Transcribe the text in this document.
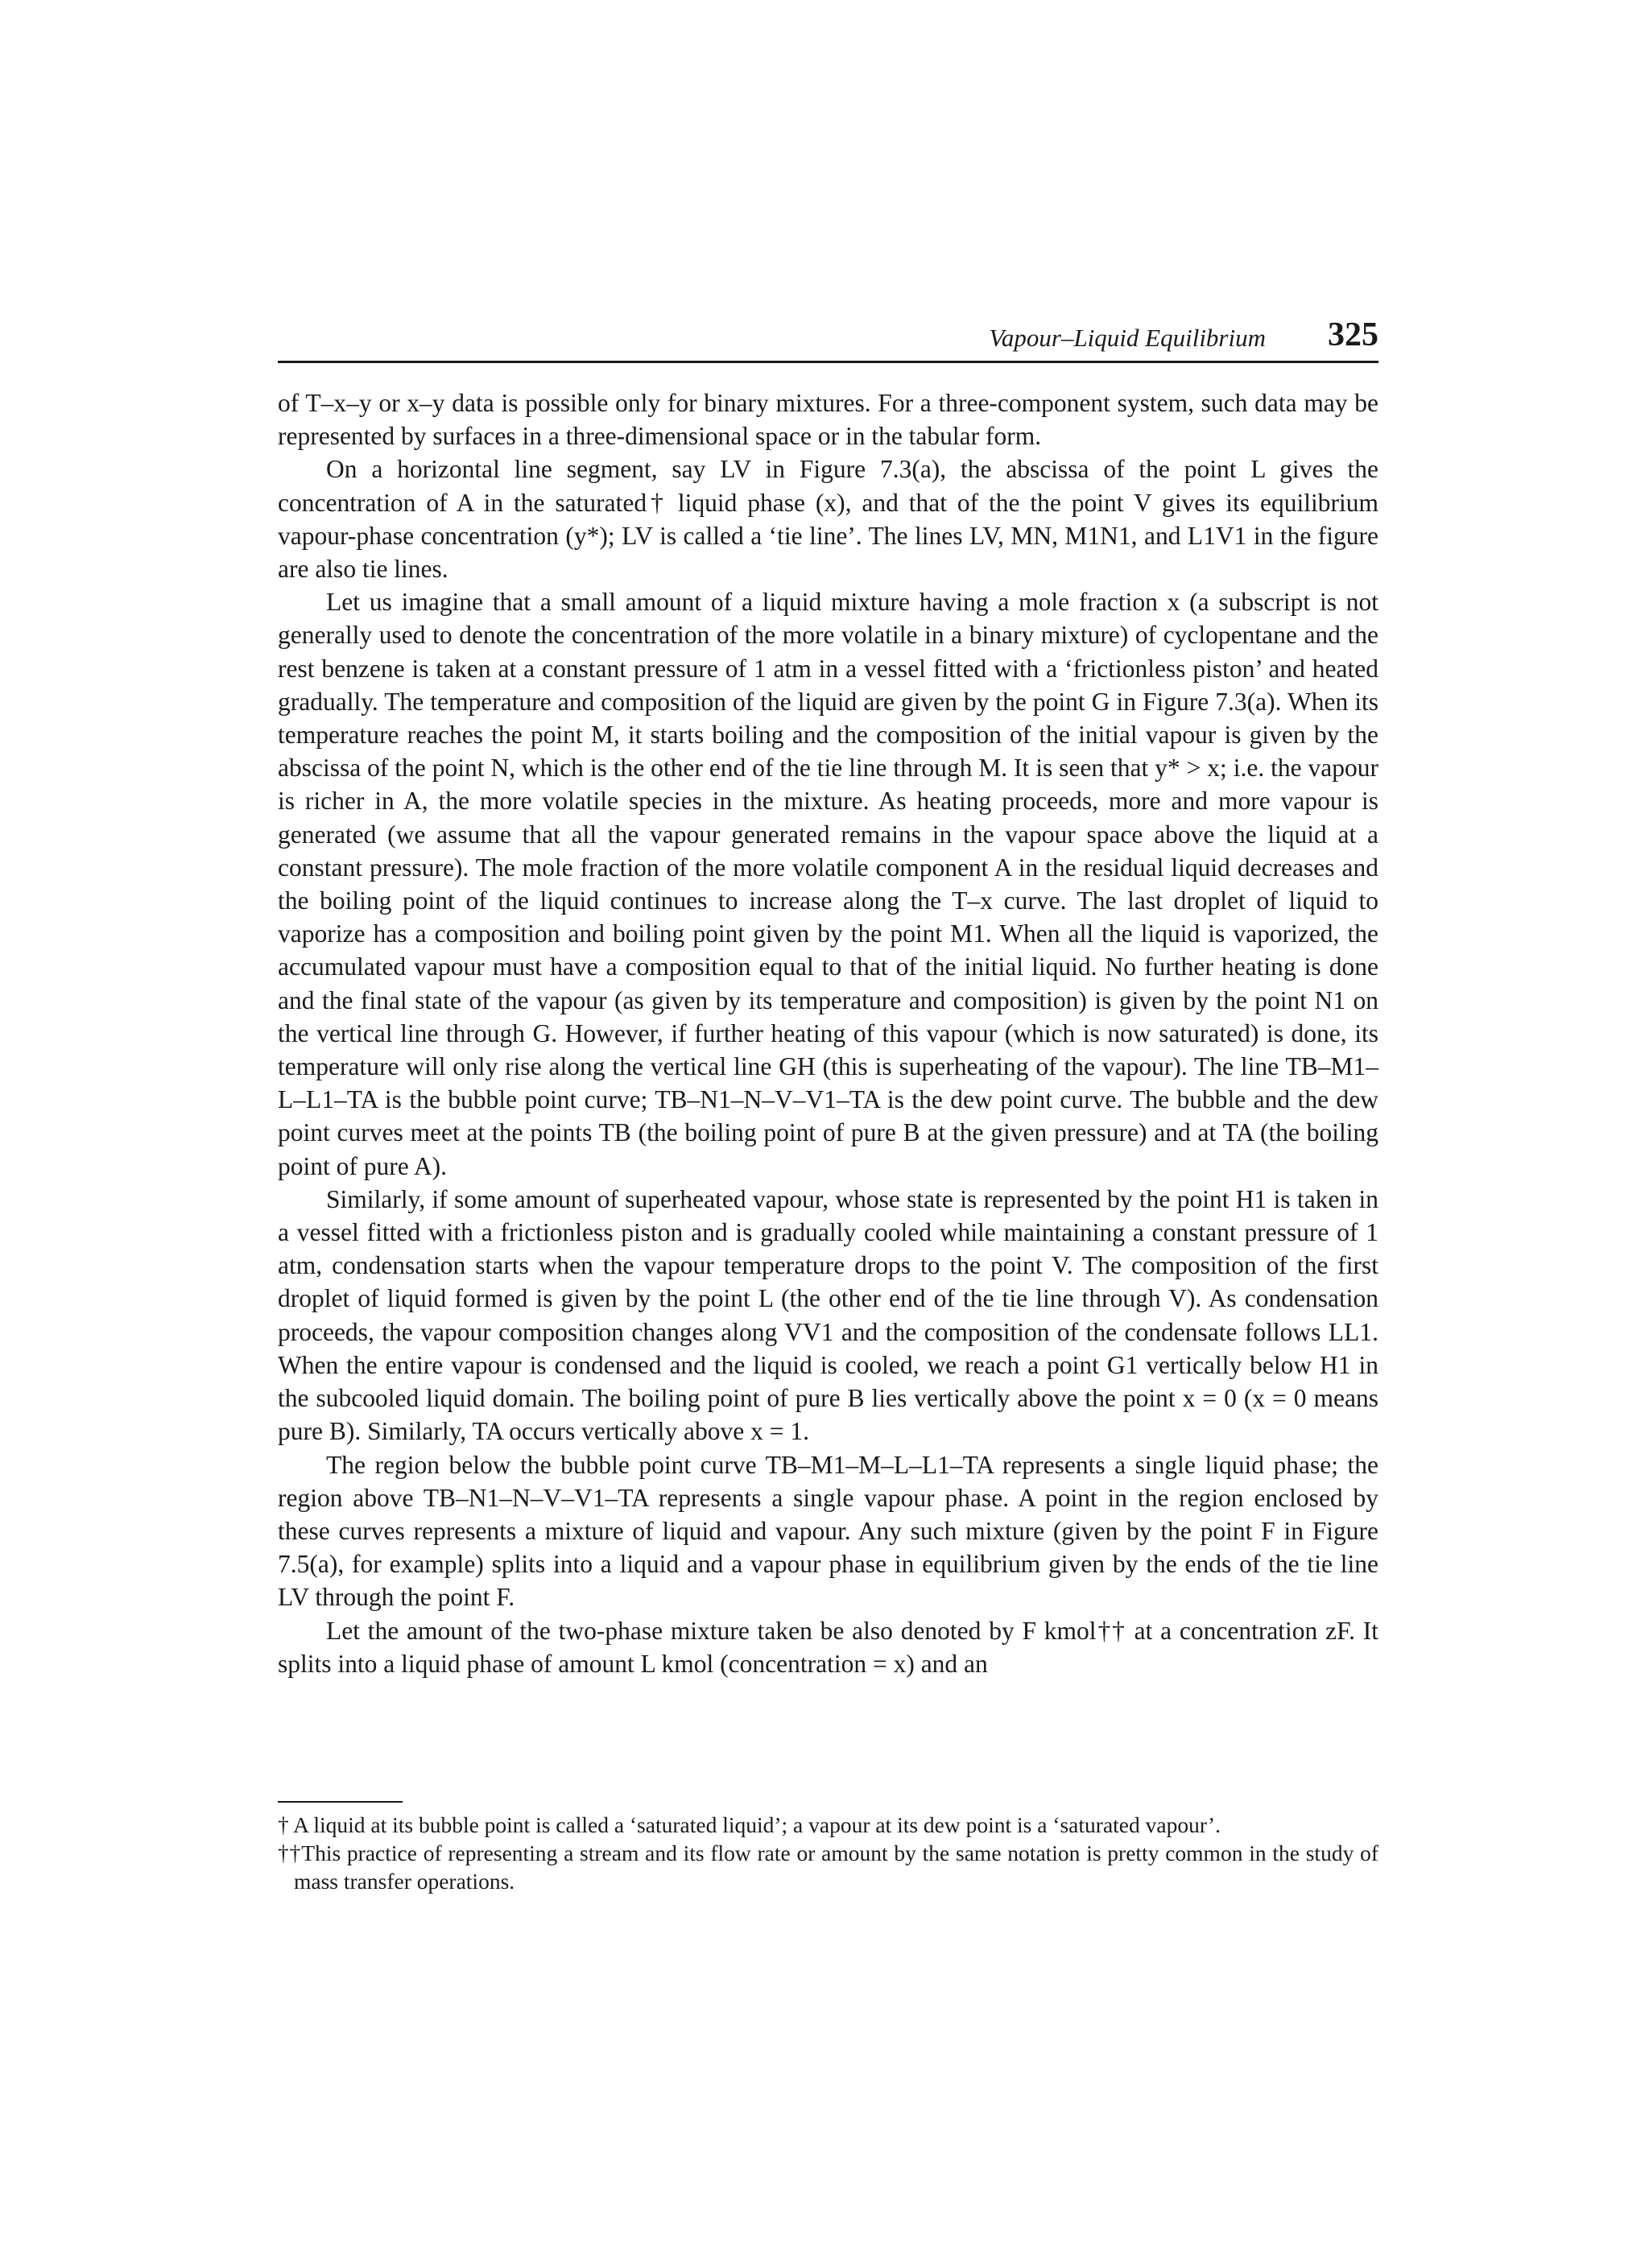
Vapour–Liquid Equilibrium 325

of T–x–y or x–y data is possible only for binary mixtures. For a three-component system, such data may be represented by surfaces in a three-dimensional space or in the tabular form.

On a horizontal line segment, say LV in Figure 7.3(a), the abscissa of the point L gives the concentration of A in the saturated† liquid phase (x), and that of the the point V gives its equilibrium vapour-phase concentration (y*); LV is called a ‘tie line’. The lines LV, MN, M1N1, and L1V1 in the figure are also tie lines.

Let us imagine that a small amount of a liquid mixture having a mole fraction x (a subscript is not generally used to denote the concentration of the more volatile in a binary mixture) of cyclopentane and the rest benzene is taken at a constant pressure of 1 atm in a vessel fitted with a ‘frictionless piston’ and heated gradually. The temperature and composition of the liquid are given by the point G in Figure 7.3(a). When its temperature reaches the point M, it starts boiling and the composition of the initial vapour is given by the abscissa of the point N, which is the other end of the tie line through M. It is seen that y* > x; i.e. the vapour is richer in A, the more volatile species in the mixture. As heating proceeds, more and more vapour is generated (we assume that all the vapour generated remains in the vapour space above the liquid at a constant pressure). The mole fraction of the more volatile component A in the residual liquid decreases and the boiling point of the liquid continues to increase along the T–x curve. The last droplet of liquid to vaporize has a composition and boiling point given by the point M1. When all the liquid is vaporized, the accumulated vapour must have a composition equal to that of the initial liquid. No further heating is done and the final state of the vapour (as given by its temperature and composition) is given by the point N1 on the vertical line through G. However, if further heating of this vapour (which is now saturated) is done, its temperature will only rise along the vertical line GH (this is superheating of the vapour). The line TB–M1–L–L1–TA is the bubble point curve; TB–N1–N–V–V1–TA is the dew point curve. The bubble and the dew point curves meet at the points TB (the boiling point of pure B at the given pressure) and at TA (the boiling point of pure A).

Similarly, if some amount of superheated vapour, whose state is represented by the point H1 is taken in a vessel fitted with a frictionless piston and is gradually cooled while maintaining a constant pressure of 1 atm, condensation starts when the vapour temperature drops to the point V. The composition of the first droplet of liquid formed is given by the point L (the other end of the tie line through V). As condensation proceeds, the vapour composition changes along VV1 and the composition of the condensate follows LL1. When the entire vapour is condensed and the liquid is cooled, we reach a point G1 vertically below H1 in the subcooled liquid domain. The boiling point of pure B lies vertically above the point x = 0 (x = 0 means pure B). Similarly, TA occurs vertically above x = 1.

The region below the bubble point curve TB–M1–M–L–L1–TA represents a single liquid phase; the region above TB–N1–N–V–V1–TA represents a single vapour phase. A point in the region enclosed by these curves represents a mixture of liquid and vapour. Any such mixture (given by the point F in Figure 7.5(a), for example) splits into a liquid and a vapour phase in equilibrium given by the ends of the tie line LV through the point F.

Let the amount of the two-phase mixture taken be also denoted by F kmol†† at a concentration zF. It splits into a liquid phase of amount L kmol (concentration = x) and an

† A liquid at its bubble point is called a ‘saturated liquid’; a vapour at its dew point is a ‘saturated vapour’.

††This practice of representing a stream and its flow rate or amount by the same notation is pretty common in the study of mass transfer operations.
